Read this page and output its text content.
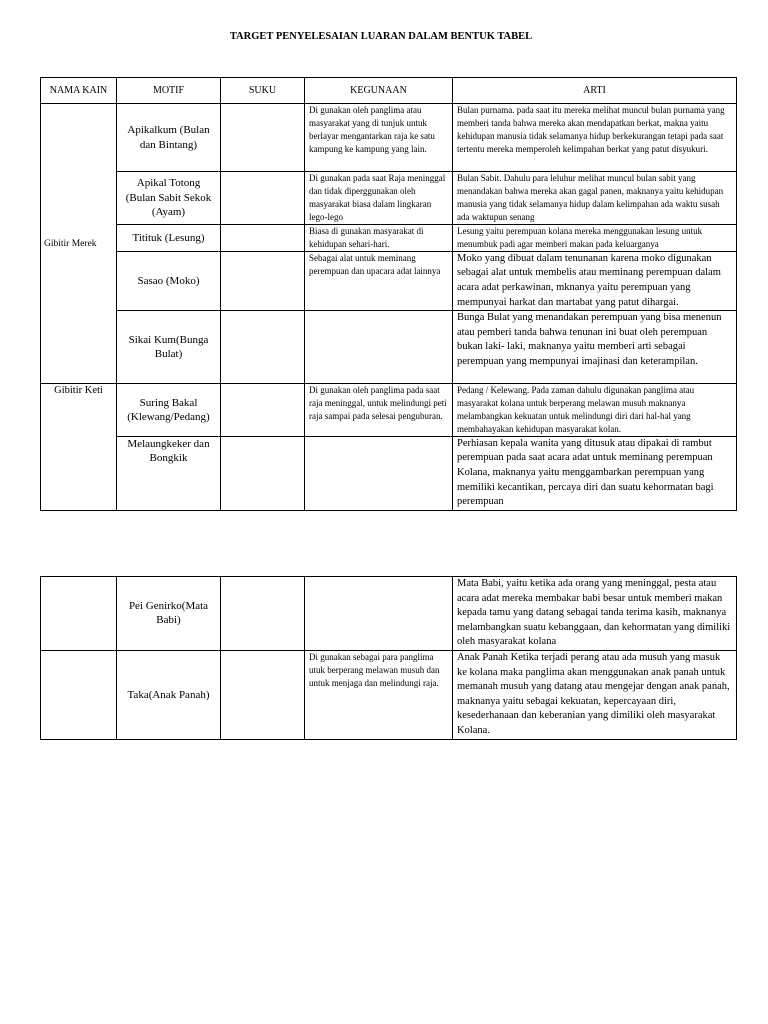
TARGET PENYELESAIAN LUARAN DALAM BENTUK TABEL
NAMA KAIN	MOTIF	SUKU	KEGUNAAN	ARTI
Gibitir Merek	Apikalkum (Bulan dan Bintang)		Di gunakan oleh panglima atau masyarakat yang di tunjuk untuk berlayar mengantarkan raja ke satu kampung ke kampung yang lain.	Bulan purnama. pada saat itu mereka melihat muncul bulan purnama yang memberi tanda bahwa mereka akan mendapatkan berkat, makna yaitu kehidupan manusia tidak selamanya hidup berkekurangan tetapi pada saat tertentu mereka memperoleh kelimpahan berkat yang patut disyukuri.
	Apikal Totong (Bulan Sabit Sekok (Ayam)		Di gunakan pada saat Raja meninggal dan tidak diperggunakan oleh masyarakat biasa dalam lingkaran lego-lego	Bulan Sabit. Dahulu para leluhur melihat muncul bulan sabit yang menandakan bahwa mereka akan gagal panen, maknanya yaitu kehidupan manusia yang tidak selamanya hidup dalam kelimpahan ada waktu susah ada waktupun senang
	Titituk (Lesung)		Biasa di gunakan masyarakat di kehidupan sehari-hari.	Lesung yaitu perempuan kolana mereka menggunakan lesung untuk menumbuk padi agar memberi makan pada keluarganya
	Sasao (Moko)		Sebagai alat untuk meminang perempuan dan upacara adat lainnya	Moko yang dibuat dalam tenunanan karena moko digunakan sebagai alat untuk membelis atau meminang perempuan dalam acara adat perkawinan, mknanya yaitu perempuan yang mempunyai harkat dan martabat yang patut dihargai.
	Sikai Kum(Bunga Bulat)			Bunga Bulat yang menandakan perempuan yang bisa menenun atau pemberi tanda bahwa tenunan ini buat oleh perempuan bukan laki- laki, maknanya yaitu memberi arti sebagai perempuan yang mempunyai imajinasi dan keterampilan.
Gibitir Keti	Suring Bakal (Klewang/Pedang)		Di gunakan oleh panglima pada saat raja meninggal, untuk melindungi peti raja sampai pada selesai penguburan.	Pedang / Kelewang. Pada zaman dahulu digunakan panglima atau masyarakat kolana untuk berperang melawan musuh maknanya melambangkan kekuatan untuk melindungi diri dari hal-hal yang membahayakan kehidupan masyarakat kolan.
	Melaungkeker dan Bongkik			Perhiasan kepala wanita yang ditusuk atau dipakai di rambut perempuan pada saat acara adat untuk meminang perempuan Kolana, maknanya yaitu menggambarkan perempuan yang memiliki kecantikan, percaya diri dan suatu kehormatan bagi perempuan
	Pei Genirko(Mata Babi)			Mata Babi, yaitu ketika ada orang yang meninggal, pesta atau acara adat mereka membakar babi besar untuk memberi makan kepada tamu yang datang sebagai tanda terima kasih, maknanya melambangkan suatu kebanggaan, dan kehormatan yang dimiliki oleh masyarakat kolana
	Taka(Anak Panah)		Di gunakan sebagai para panglima utuk berperang melawan musuh dan untuk menjaga dan melindungi raja.	Anak Panah Ketika terjadi perang atau ada musuh yang masuk ke kolana maka panglima akan menggunakan anak panah untuk memanah musuh yang datang atau mengejar dengan anak panah, maknanya yaitu sebagai kekuatan, kepercayaan diri, kesederhanaan dan keberanian yang dimiliki oleh masyarakat Kolana.
